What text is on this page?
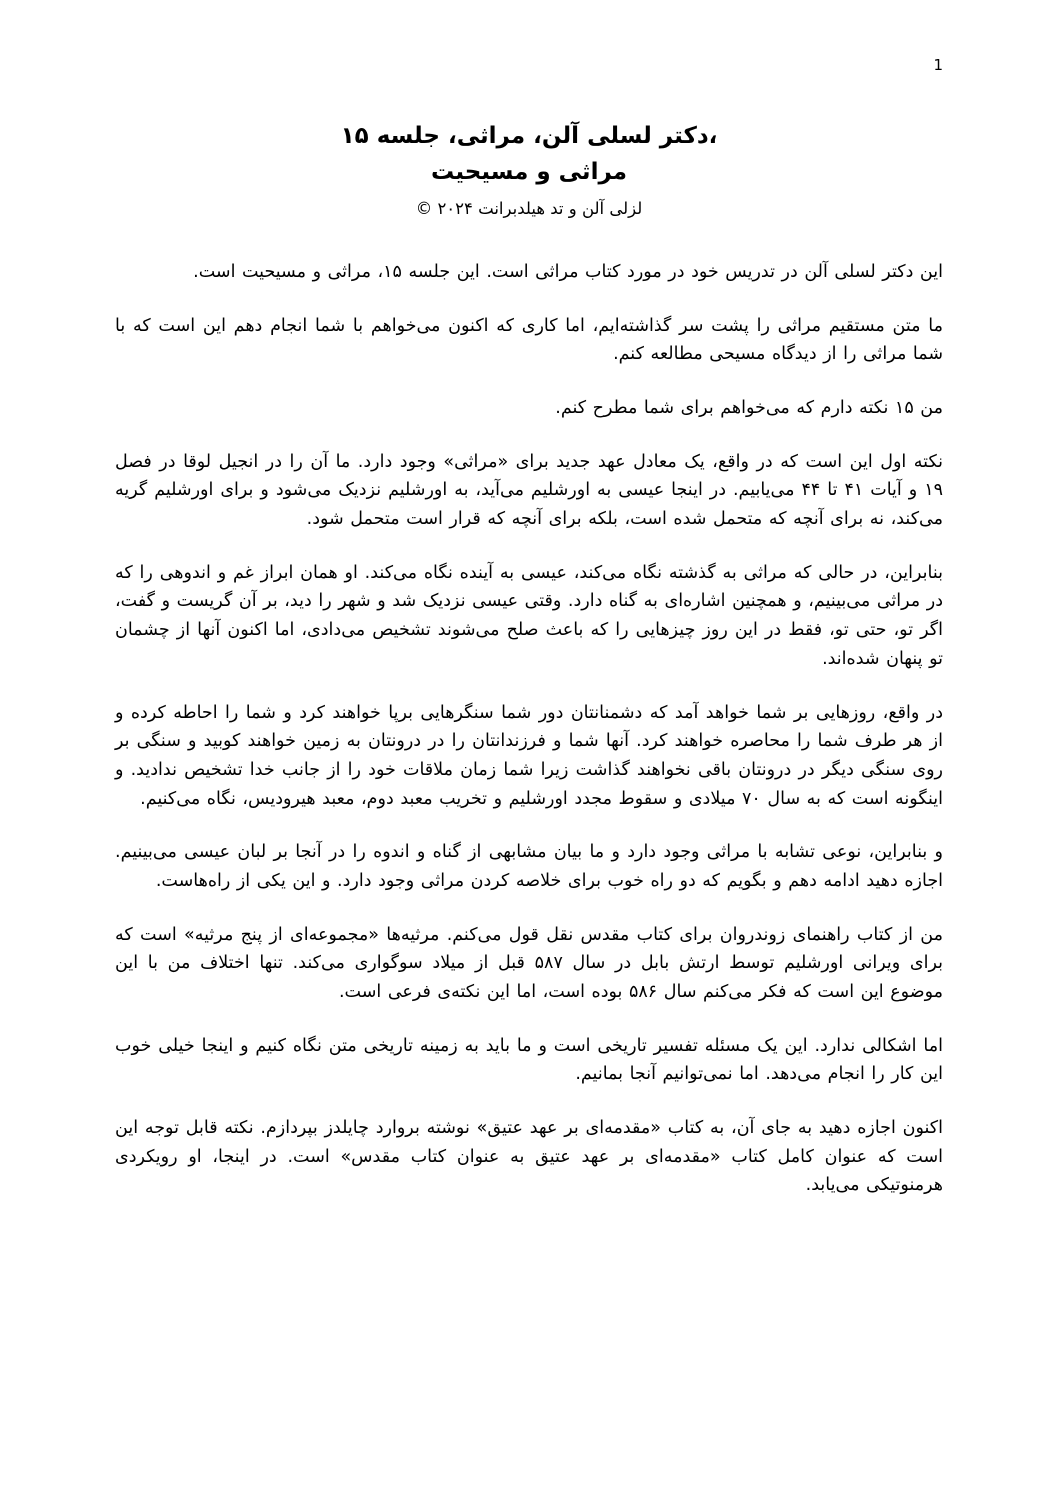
1
،دکتر لسلی آلن، مراثی، جلسه ۱۵
مراثی و مسیحیت
لزلی آلن و تد هیلدبرانت ۲۰۲۴ ©

این دکتر لسلی آلن در تدریس خود در مورد کتاب مراثی است. این جلسه ۱۵، مراثی و مسیحیت است.

ما متن مستقیم مراثی را پشت سر گذاشته‌ایم، اما کاری که اکنون می‌خواهم با شما انجام دهم این است که با شما مراثی را از دیدگاه مسیحی مطالعه کنم.

من ۱۵ نکته دارم که می‌خواهم برای شما مطرح کنم.

نکته اول این است که در واقع، یک معادل عهد جدید برای «مراثی» وجود دارد. ما آن را در انجیل لوقا در فصل ۱۹ و آیات ۴۱ تا ۴۴ می‌یابیم. در اینجا عیسی به اورشلیم می‌آید، به اورشلیم نزدیک می‌شود و برای اورشلیم گریه می‌کند، نه برای آنچه که متحمل شده است، بلکه برای آنچه که قرار است متحمل شود.

بنابراین، در حالی که مراثی به گذشته نگاه می‌کند، عیسی به آینده نگاه می‌کند. او همان ابراز غم و اندوهی را که در مراثی می‌بینیم، و همچنین اشاره‌ای به گناه دارد. وقتی عیسی نزدیک شد و شهر را دید، بر آن گریست و گفت، اگر تو، حتی تو، فقط در این روز چیزهایی را که باعث صلح می‌شوند تشخیص می‌دادی، اما اکنون آنها از چشمان تو پنهان شده‌اند.

در واقع، روزهایی بر شما خواهد آمد که دشمنانتان دور شما سنگرهایی برپا خواهند کرد و شما را احاطه کرده و از هر طرف شما را محاصره خواهند کرد. آنها شما و فرزندانتان را در درونتان به زمین خواهند کوبید و سنگی بر روی سنگی دیگر در درونتان باقی نخواهند گذاشت زیرا شما زمان ملاقات خود را از جانب خدا تشخیص ندادید. و اینگونه است که به سال ۷۰ میلادی و سقوط مجدد اورشلیم و تخریب معبد دوم، معبد هیرودیس، نگاه می‌کنیم.

و بنابراین، نوعی تشابه با مراثی وجود دارد و ما بیان مشابهی از گناه و اندوه را در آنجا بر لبان عیسی می‌بینیم. اجازه دهید ادامه دهم و بگویم که دو راه خوب برای خلاصه کردن مراثی وجود دارد. و این یکی از راه‌هاست.

من از کتاب راهنمای زوندروان برای کتاب مقدس نقل قول می‌کنم. مرثیه‌ها «مجموعه‌ای از پنج مرثیه» است که برای ویرانی اورشلیم توسط ارتش بابل در سال ۵۸۷ قبل از میلاد سوگواری می‌کند. تنها اختلاف من با این موضوع این است که فکر می‌کنم سال ۵۸۶ بوده است، اما این نکته‌ی فرعی است.

اما اشکالی ندارد. این یک مسئله تفسیر تاریخی است و ما باید به زمینه تاریخی متن نگاه کنیم و اینجا خیلی خوب این کار را انجام می‌دهد. اما نمی‌توانیم آنجا بمانیم.

اکنون اجازه دهید به جای آن، به کتاب «مقدمه‌ای بر عهد عتیق» نوشته بروارد چایلدز بپردازم. نکته قابل توجه این است که عنوان کامل کتاب «مقدمه‌ای بر عهد عتیق به عنوان کتاب مقدس» است. در اینجا، او رویکردی هرمنوتیکی می‌یابد.
